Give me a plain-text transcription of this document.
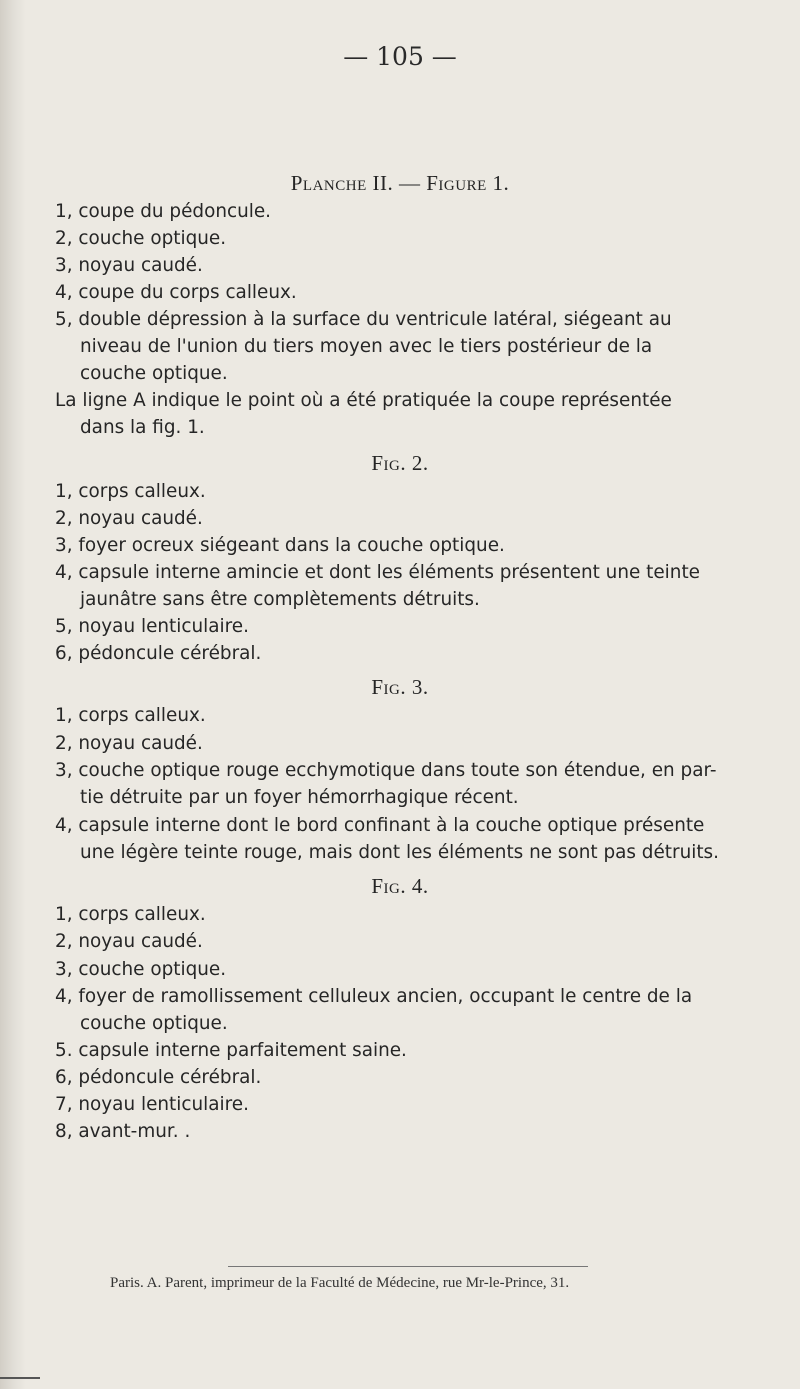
— 105 —
Planche II. — Figure 1.
1, coupe du pédoncule.
2, couche optique.
3, noyau caudé.
4, coupe du corps calleux.
5, double dépression à la surface du ventricule latéral, siégeant au
niveau de l'union du tiers moyen avec le tiers postérieur de la
couche optique.
La ligne A indique le point où a été pratiquée la coupe représentée
dans la fig. 1.
Fig. 2.
1, corps calleux.
2, noyau caudé.
3, foyer ocreux siégeant dans la couche optique.
4, capsule interne amincie et dont les éléments présentent une teinte
jaunâtre sans être complètements détruits.
5, noyau lenticulaire.
6, pédoncule cérébral.
Fig. 3.
1, corps calleux.
2, noyau caudé.
3, couche optique rouge ecchymotique dans toute son étendue, en par-
tie détruite par un foyer hémorrhagique récent.
4, capsule interne dont le bord confinant à la couche optique présente
une légère teinte rouge, mais dont les éléments ne sont pas détruits.
Fig. 4.
1, corps calleux.
2, noyau caudé.
3, couche optique.
4, foyer de ramollissement celluleux ancien, occupant le centre de la
couche optique.
5. capsule interne parfaitement saine.
6, pédoncule cérébral.
7, noyau lenticulaire.
8, avant-mur. .
Paris. A. Parent, imprimeur de la Faculté de Médecine, rue Mr-le-Prince, 31.
